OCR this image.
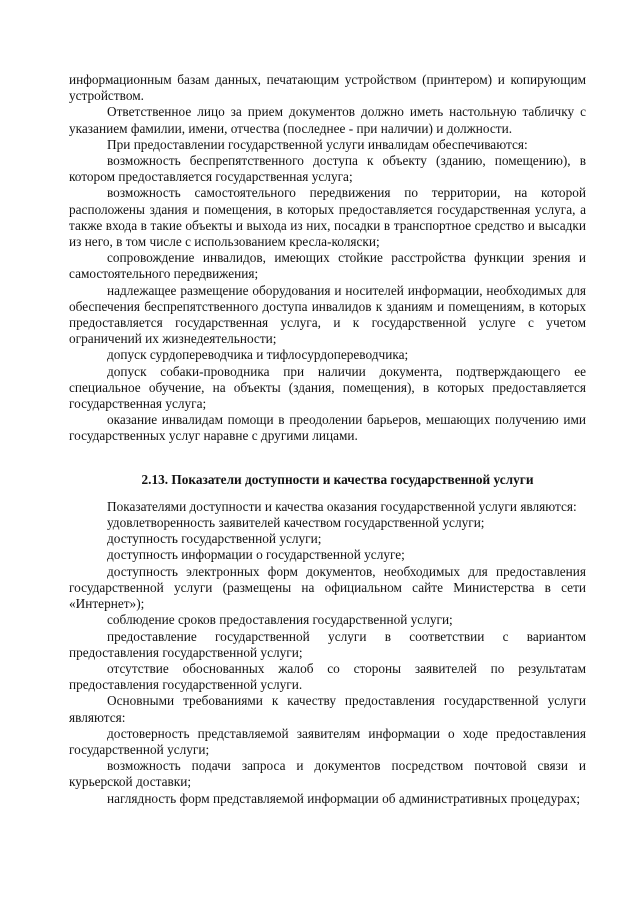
информационным базам данных, печатающим устройством (принтером) и копирующим устройством.

Ответственное лицо за прием документов должно иметь настольную табличку с указанием фамилии, имени, отчества (последнее - при наличии) и должности.

При предоставлении государственной услуги инвалидам обеспечиваются:

возможность беспрепятственного доступа к объекту (зданию, помещению), в котором предоставляется государственная услуга;

возможность самостоятельного передвижения по территории, на которой расположены здания и помещения, в которых предоставляется государственная услуга, а также входа в такие объекты и выхода из них, посадки в транспортное средство и высадки из него, в том числе с использованием кресла-коляски;

сопровождение инвалидов, имеющих стойкие расстройства функции зрения и самостоятельного передвижения;

надлежащее размещение оборудования и носителей информации, необходимых для обеспечения беспрепятственного доступа инвалидов к зданиям и помещениям, в которых предоставляется государственная услуга, и к государственной услуге с учетом ограничений их жизнедеятельности;

допуск сурдопереводчика и тифлосурдопереводчика;

допуск собаки-проводника при наличии документа, подтверждающего ее специальное обучение, на объекты (здания, помещения), в которых предоставляется государственная услуга;

оказание инвалидам помощи в преодолении барьеров, мешающих получению ими государственных услуг наравне с другими лицами.

2.13. Показатели доступности и качества государственной услуги

Показателями доступности и качества оказания государственной услуги являются:

удовлетворенность заявителей качеством государственной услуги;

доступность государственной услуги;

доступность информации о государственной услуге;

доступность электронных форм документов, необходимых для предоставления государственной услуги (размещены на официальном сайте Министерства в сети «Интернет»);

соблюдение сроков предоставления государственной услуги;

предоставление государственной услуги в соответствии с вариантом предоставления государственной услуги;

отсутствие обоснованных жалоб со стороны заявителей по результатам предоставления государственной услуги.

Основными требованиями к качеству предоставления государственной услуги являются:

достоверность представляемой заявителям информации о ходе предоставления государственной услуги;

возможность подачи запроса и документов посредством почтовой связи и курьерской доставки;

наглядность форм представляемой информации об административных процедурах;
